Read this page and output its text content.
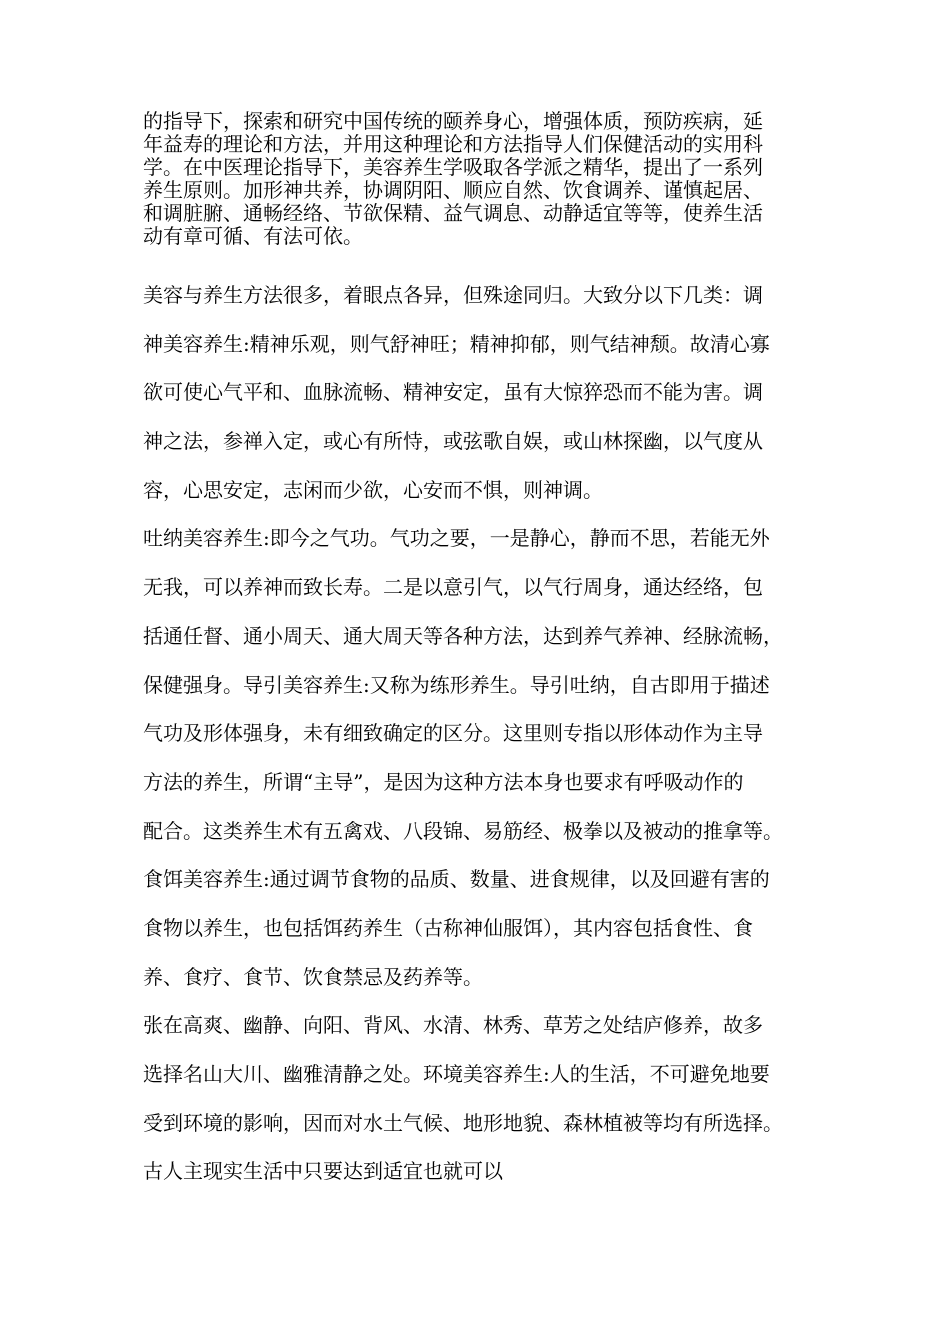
的指导下，探索和研究中国传统的颐养身心，增强体质，预防疾病，延
年益寿的理论和方法，并用这种理论和方法指导人们保健活动的实用科
学。在中医理论指导下，美容养生学吸取各学派之精华，提出了一系列
养生原则。加形神共养，协调阴阳、顺应自然、饮食调养、谨慎起居、
和调脏腑、通畅经络、节欲保精、益气调息、动静适宜等等，使养生活
动有章可循、有法可依。
美容与养生方法很多，着眼点各异，但殊途同归。大致分以下几类：调
神美容养生:精神乐观，则气舒神旺；精神抑郁，则气结神颓。故清心寡
欲可使心气平和、血脉流畅、精神安定，虽有大惊猝恐而不能为害。调
神之法，参禅入定，或心有所恃，或弦歌自娱，或山林探幽，以气度从
容，心思安定，志闲而少欲，心安而不惧，则神调。
吐纳美容养生:即今之气功。气功之要，一是静心，静而不思，若能无外
无我，可以养神而致长寿。二是以意引气，以气行周身，通达经络，包
括通任督、通小周天、通大周天等各种方法，达到养气养神、经脉流畅，
保健强身。导引美容养生:又称为练形养生。导引吐纳，自古即用于描述
气功及形体强身，未有细致确定的区分。这里则专指以形体动作为主导
方法的养生，所谓“主导”，是因为这种方法本身也要求有呼吸动作的
配合。这类养生术有五禽戏、八段锦、易筋经、极拳以及被动的推拿等。
食饵美容养生:通过调节食物的品质、数量、进食规律，以及回避有害的
食物以养生，也包括饵药养生（古称神仙服饵），其内容包括食性、食
养、食疗、食节、饮食禁忌及药养等。
张在高爽、幽静、向阳、背风、水清、林秀、草芳之处结庐修养，故多
选择名山大川、幽雅清静之处。环境美容养生:人的生活，不可避免地要
受到环境的影响，因而对水土气候、地形地貌、森林植被等均有所选择。
古人主现实生活中只要达到适宜也就可以
